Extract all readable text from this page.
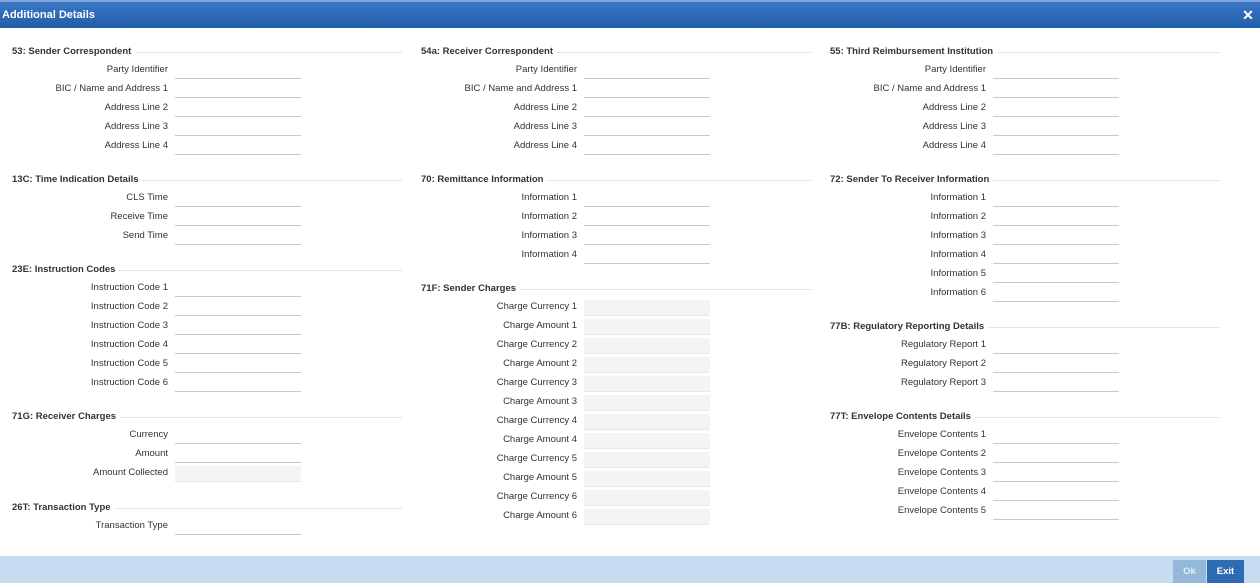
Additional Details	✕
53: Sender Correspondent
Party Identifier
BIC / Name and Address 1
Address Line 2
Address Line 3
Address Line 4
13C: Time Indication Details
CLS Time
Receive Time
Send Time
23E: Instruction Codes
Instruction Code 1
Instruction Code 2
Instruction Code 3
Instruction Code 4
Instruction Code 5
Instruction Code 6
71G: Receiver Charges
Currency
Amount
Amount Collected
26T: Transaction Type
Transaction Type
54a: Receiver Correspondent
Party Identifier
BIC / Name and Address 1
Address Line 2
Address Line 3
Address Line 4
70: Remittance Information
Information 1
Information 2
Information 3
Information 4
71F: Sender Charges
Charge Currency 1
Charge Amount 1
Charge Currency 2
Charge Amount 2
Charge Currency 3
Charge Amount 3
Charge Currency 4
Charge Amount 4
Charge Currency 5
Charge Amount 5
Charge Currency 6
Charge Amount 6
55: Third Reimbursement Institution
Party Identifier
BIC / Name and Address 1
Address Line 2
Address Line 3
Address Line 4
72: Sender To Receiver Information
Information 1
Information 2
Information 3
Information 4
Information 5
Information 6
77B: Regulatory Reporting Details
Regulatory Report 1
Regulatory Report 2
Regulatory Report 3
77T: Envelope Contents Details
Envelope Contents 1
Envelope Contents 2
Envelope Contents 3
Envelope Contents 4
Envelope Contents 5
Ok	Exit
